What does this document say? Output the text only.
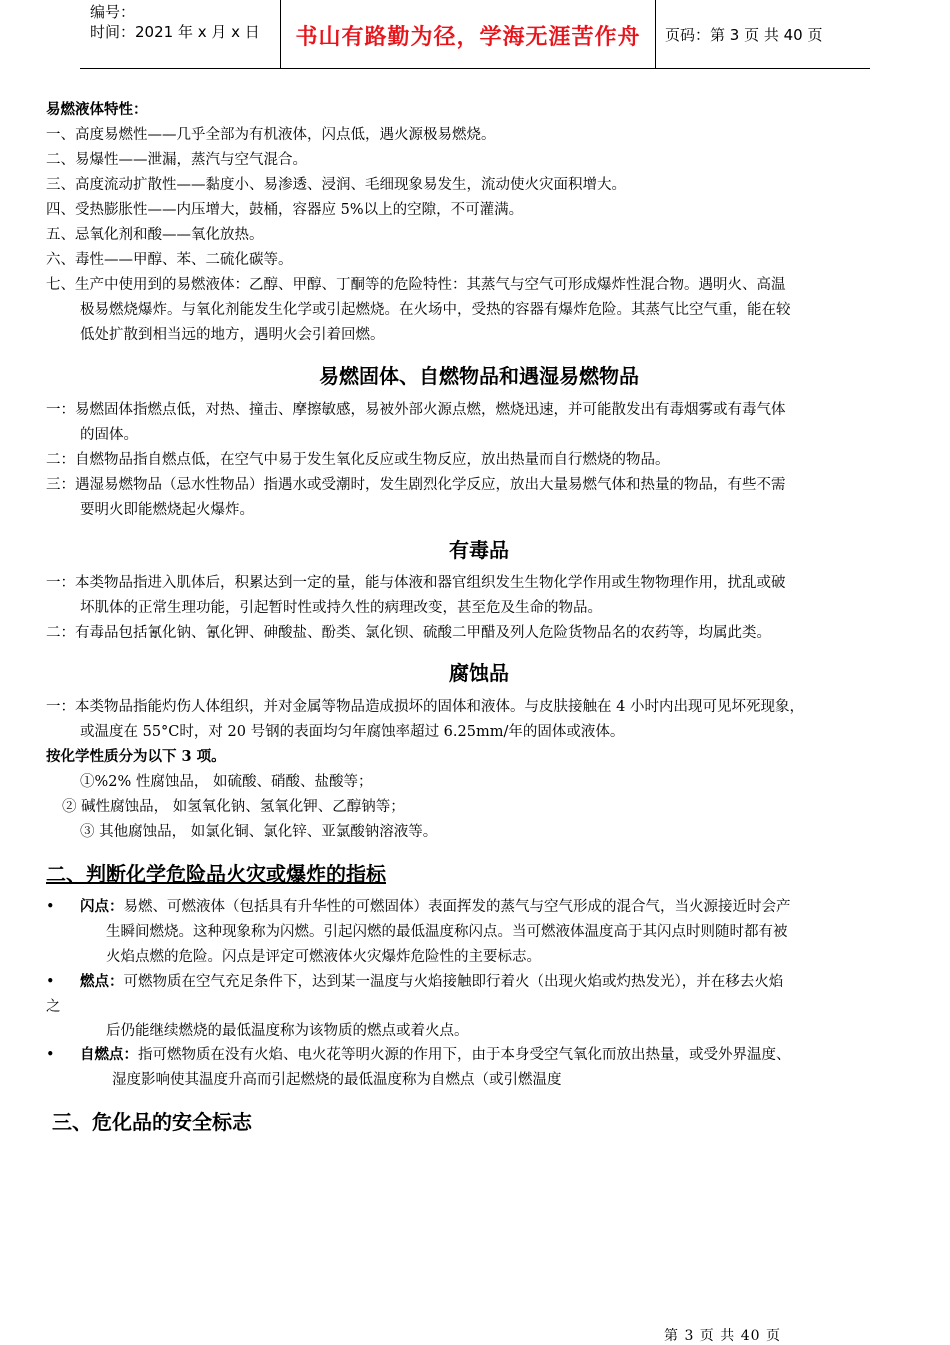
编号：
时间：2021 年 x 月 x 日	书山有路勤为径，学海无涯苦作舟	页码：第 3 页 共 40 页
易燃液体特性：
一、高度易燃性——几乎全部为有机液体，闪点低，遇火源极易燃烧。
二、易爆性——泄漏，蒸汽与空气混合。
三、高度流动扩散性——黏度小、易渗透、浸润、毛细现象易发生，流动使火灾面积增大。
四、受热膨胀性——内压增大，鼓桶，容器应 5%以上的空隙，不可灌满。
五、忌氧化剂和酸——氧化放热。
六、毒性——甲醇、苯、二硫化碳等。
七、生产中使用到的易燃液体：乙醇、甲醇、丁酮等的危险特性：其蒸气与空气可形成爆炸性混合物。遇明火、高温
极易燃烧爆炸。与氧化剂能发生化学或引起燃烧。在火场中，受热的容器有爆炸危险。其蒸气比空气重，能在较
低处扩散到相当远的地方，遇明火会引着回燃。
易燃固体、自燃物品和遇湿易燃物品
一：易燃固体指燃点低，对热、撞击、摩擦敏感，易被外部火源点燃，燃烧迅速，并可能散发出有毒烟雾或有毒气体
的固体。
二：自燃物品指自燃点低，在空气中易于发生氧化反应或生物反应，放出热量而自行燃烧的物品。
三：遇湿易燃物品（忌水性物品）指遇水或受潮时，发生剧烈化学反应，放出大量易燃气体和热量的物品，有些不需
要明火即能燃烧起火爆炸。
有毒品
一：本类物品指进入肌体后，积累达到一定的量，能与体液和器官组织发生生物化学作用或生物物理作用，扰乱或破
坏肌体的正常生理功能，引起暂时性或持久性的病理改变，甚至危及生命的物品。
二：有毒品包括氰化钠、氰化钾、砷酸盐、酚类、氯化钡、硫酸二甲醋及列人危险货物品名的农药等，均属此类。
腐蚀品
一：本类物品指能灼伤人体组织，并对金属等物品造成损坏的固体和液体。与皮肤接触在 4 小时内出现可见坏死现象，
或温度在 55°C时，对 20 号钢的表面均匀年腐蚀率超过 6.25mm/年的固体或液体。
按化学性质分为以下 3 项。
①%2% 性腐蚀品， 如硫酸、硝酸、盐酸等；
② 碱性腐蚀品， 如氢氧化钠、氢氧化钾、乙醇钠等；
③ 其他腐蚀品， 如氯化铜、氯化锌、亚氯酸钠溶液等。
二、判断化学危险品火灾或爆炸的指标
• 闪点：易燃、可燃液体（包括具有升华性的可燃固体）表面挥发的蒸气与空气形成的混合气，当火源接近时会产
生瞬间燃烧。这种现象称为闪燃。引起闪燃的最低温度称闪点。当可燃液体温度高于其闪点时则随时都有被
火焰点燃的危险。闪点是评定可燃液体火灾爆炸危险性的主要标志。
• 燃点：可燃物质在空气充足条件下，达到某一温度与火焰接触即行着火（出现火焰或灼热发光），并在移去火焰
之
后仍能继续燃烧的最低温度称为该物质的燃点或着火点。
• 自燃点：指可燃物质在没有火焰、电火花等明火源的作用下，由于本身受空气氧化而放出热量，或受外界温度、
湿度影响使其温度升高而引起燃烧的最低温度称为自燃点（或引燃温度
三、危化品的安全标志
第 3 页 共 40 页
